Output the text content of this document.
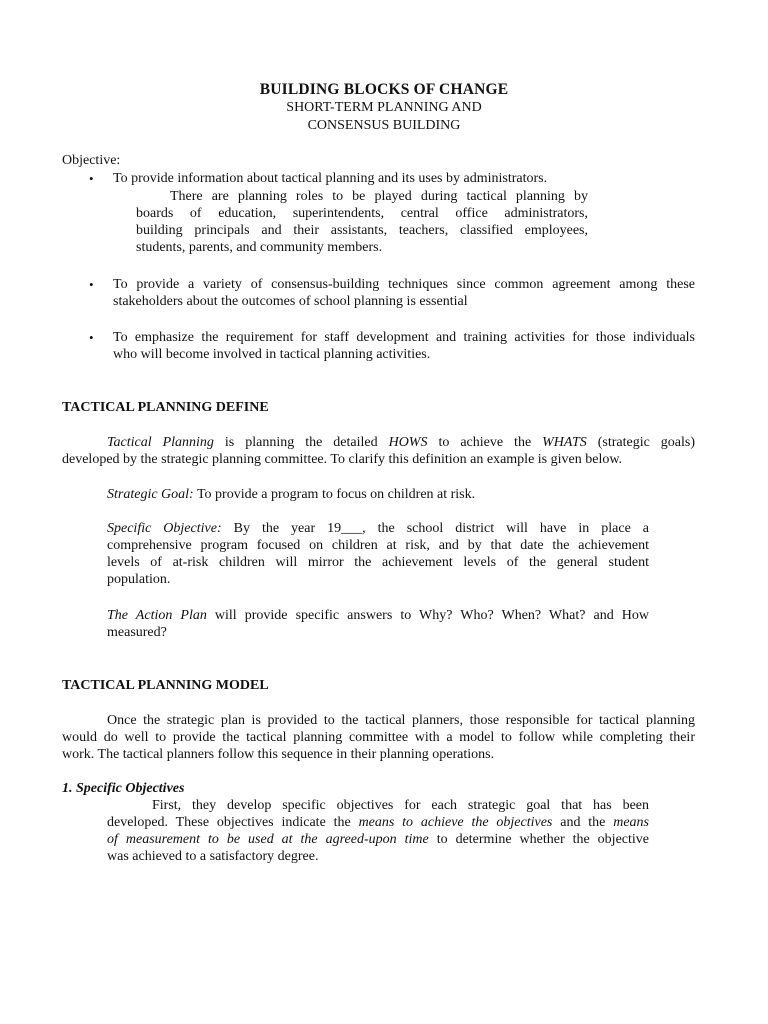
BUILDING BLOCKS OF CHANGE
SHORT-TERM PLANNING AND
CONSENSUS BUILDING
Objective:
• To provide information about tactical planning and its uses by administrators.
There are planning roles to be played during tactical planning by
boards of education, superintendents, central office administrators,
building principals and their assistants, teachers, classified employees,
students, parents, and community members.
• To provide a variety of consensus-building techniques since common agreement among these
stakeholders about the outcomes of school planning is essential
• To emphasize the requirement for staff development and training activities for those individuals
who will become involved in tactical planning activities.
TACTICAL PLANNING DEFINE
Tactical Planning is planning the detailed HOWS to achieve the WHATS (strategic goals)
developed by the strategic planning committee. To clarify this definition an example is given below.
Strategic Goal: To provide a program to focus on children at risk.
Specific Objective: By the year 19___, the school district will have in place a
comprehensive program focused on children at risk, and by that date the achievement
levels of at-risk children will mirror the achievement levels of the general student
population.
The Action Plan will provide specific answers to Why? Who? When? What? and How
measured?
TACTICAL PLANNING MODEL
Once the strategic plan is provided to the tactical planners, those responsible for tactical planning
would do well to provide the tactical planning committee with a model to follow while completing their
work. The tactical planners follow this sequence in their planning operations.
1. Specific Objectives
First, they develop specific objectives for each strategic goal that has been
developed. These objectives indicate the means to achieve the objectives and the means
of measurement to be used at the agreed-upon time to determine whether the objective
was achieved to a satisfactory degree.
